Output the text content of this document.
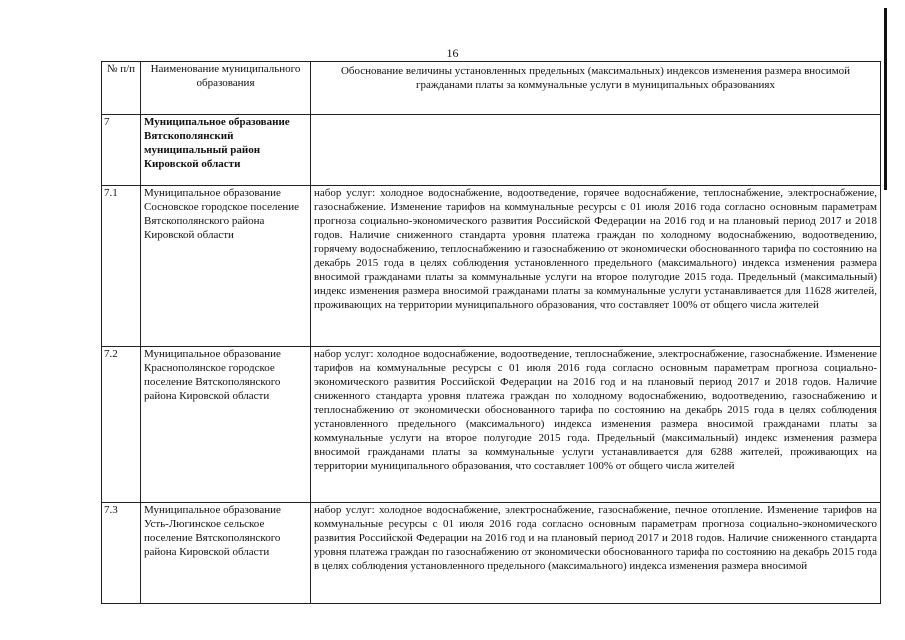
16
№ п/п	Наименование муниципального образования	Обоснование величины установленных предельных (максимальных) индексов изменения размера вносимой гражданами платы за коммунальные услуги в муниципальных образованиях
7	Муниципальное образование Вятскополянский муниципальный район Кировской области	
7.1	Муниципальное образование Сосновское городское поселение Вятскополянского района Кировской области	набор услуг: холодное водоснабжение, водоотведение, горячее водоснабжение, теплоснабжение, электроснабжение, газоснабжение. Изменение тарифов на коммунальные ресурсы с 01 июля 2016 года согласно основным параметрам прогноза социально-экономического развития Российской Федерации на 2016 год и на плановый период 2017 и 2018 годов. Наличие сниженного стандарта уровня платежа граждан по холодному водоснабжению, водоотведению, горячему водоснабжению, теплоснабжению и газоснабжению от экономически обоснованного тарифа по состоянию на декабрь 2015 года в целях соблюдения установленного предельного (максимального) индекса изменения размера вносимой гражданами платы за коммунальные услуги на второе полугодие 2015 года. Предельный (максимальный) индекс изменения размера вносимой гражданами платы за коммунальные услуги устанавливается для 11628 жителей, проживающих на территории муниципального образования, что составляет 100% от общего числа жителей
7.2	Муниципальное образование Краснополянское городское поселение Вятскополянского района Кировской области	набор услуг: холодное водоснабжение, водоотведение, теплоснабжение, электроснабжение, газоснабжение. Изменение тарифов на коммунальные ресурсы с 01 июля 2016 года согласно основным параметрам прогноза социально-экономического развития Российской Федерации на 2016 год и на плановый период 2017 и 2018 годов. Наличие сниженного стандарта уровня платежа граждан по холодному водоснабжению, водоотведению, газоснабжению и теплоснабжению от экономически обоснованного тарифа по состоянию на декабрь 2015 года в целях соблюдения установленного предельного (максимального) индекса изменения размера вносимой гражданами платы за коммунальные услуги на второе полугодие 2015 года. Предельный (максимальный) индекс изменения размера вносимой гражданами платы за коммунальные услуги устанавливается для 6288 жителей, проживающих на территории муниципального образования, что составляет 100% от общего числа жителей
7.3	Муниципальное образование Усть-Люгинское сельское поселение Вятскополянского района Кировской области	набор услуг: холодное водоснабжение, электроснабжение, газоснабжение, печное отопление. Изменение тарифов на коммунальные ресурсы с 01 июля 2016 года согласно основным параметрам прогноза социально-экономического развития Российской Федерации на 2016 год и на плановый период 2017 и 2018 годов. Наличие сниженного стандарта уровня платежа граждан по газоснабжению от экономически обоснованного тарифа по состоянию на декабрь 2015 года в целях соблюдения установленного предельного (максимального) индекса изменения размера вносимой
